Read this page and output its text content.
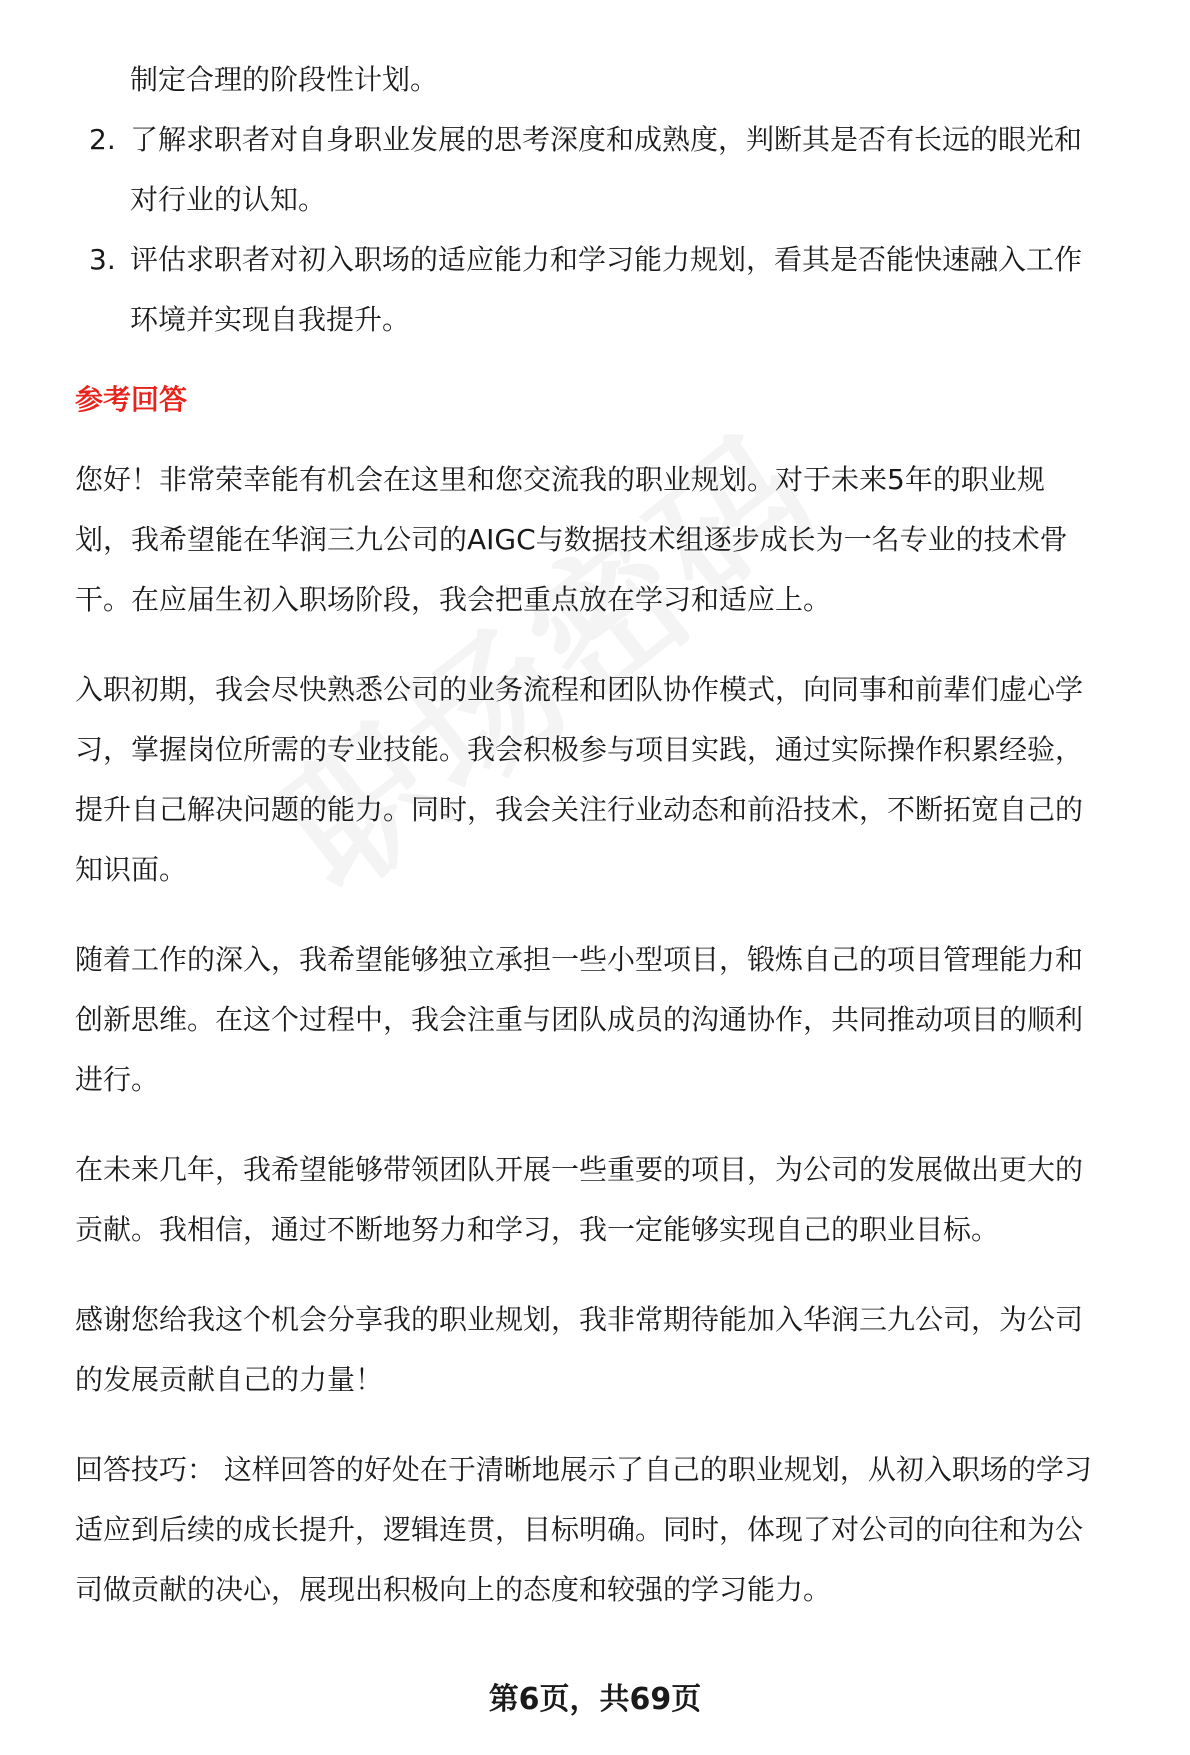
制定合理的阶段性计划。
2. 了解求职者对自身职业发展的思考深度和成熟度，判断其是否有长远的眼光和
对行业的认知。
3. 评估求职者对初入职场的适应能力和学习能力规划，看其是否能快速融入工作
环境并实现自我提升。
参考回答
您好！非常荣幸能有机会在这里和您交流我的职业规划。对于未来5年的职业规
划，我希望能在华润三九公司的AIGC与数据技术组逐步成长为一名专业的技术骨
干。在应届生初入职场阶段，我会把重点放在学习和适应上。
入职初期，我会尽快熟悉公司的业务流程和团队协作模式，向同事和前辈们虚心学
习，掌握岗位所需的专业技能。我会积极参与项目实践，通过实际操作积累经验，
提升自己解决问题的能力。同时，我会关注行业动态和前沿技术，不断拓宽自己的
知识面。
随着工作的深入，我希望能够独立承担一些小型项目，锻炼自己的项目管理能力和
创新思维。在这个过程中，我会注重与团队成员的沟通协作，共同推动项目的顺利
进行。
在未来几年，我希望能够带领团队开展一些重要的项目，为公司的发展做出更大的
贡献。我相信，通过不断地努力和学习，我一定能够实现自己的职业目标。
感谢您给我这个机会分享我的职业规划，我非常期待能加入华润三九公司，为公司
的发展贡献自己的力量！
回答技巧： 这样回答的好处在于清晰地展示了自己的职业规划，从初入职场的学习
适应到后续的成长提升，逻辑连贯，目标明确。同时，体现了对公司的向往和为公
司做贡献的决心，展现出积极向上的态度和较强的学习能力。
第6页，共69页
